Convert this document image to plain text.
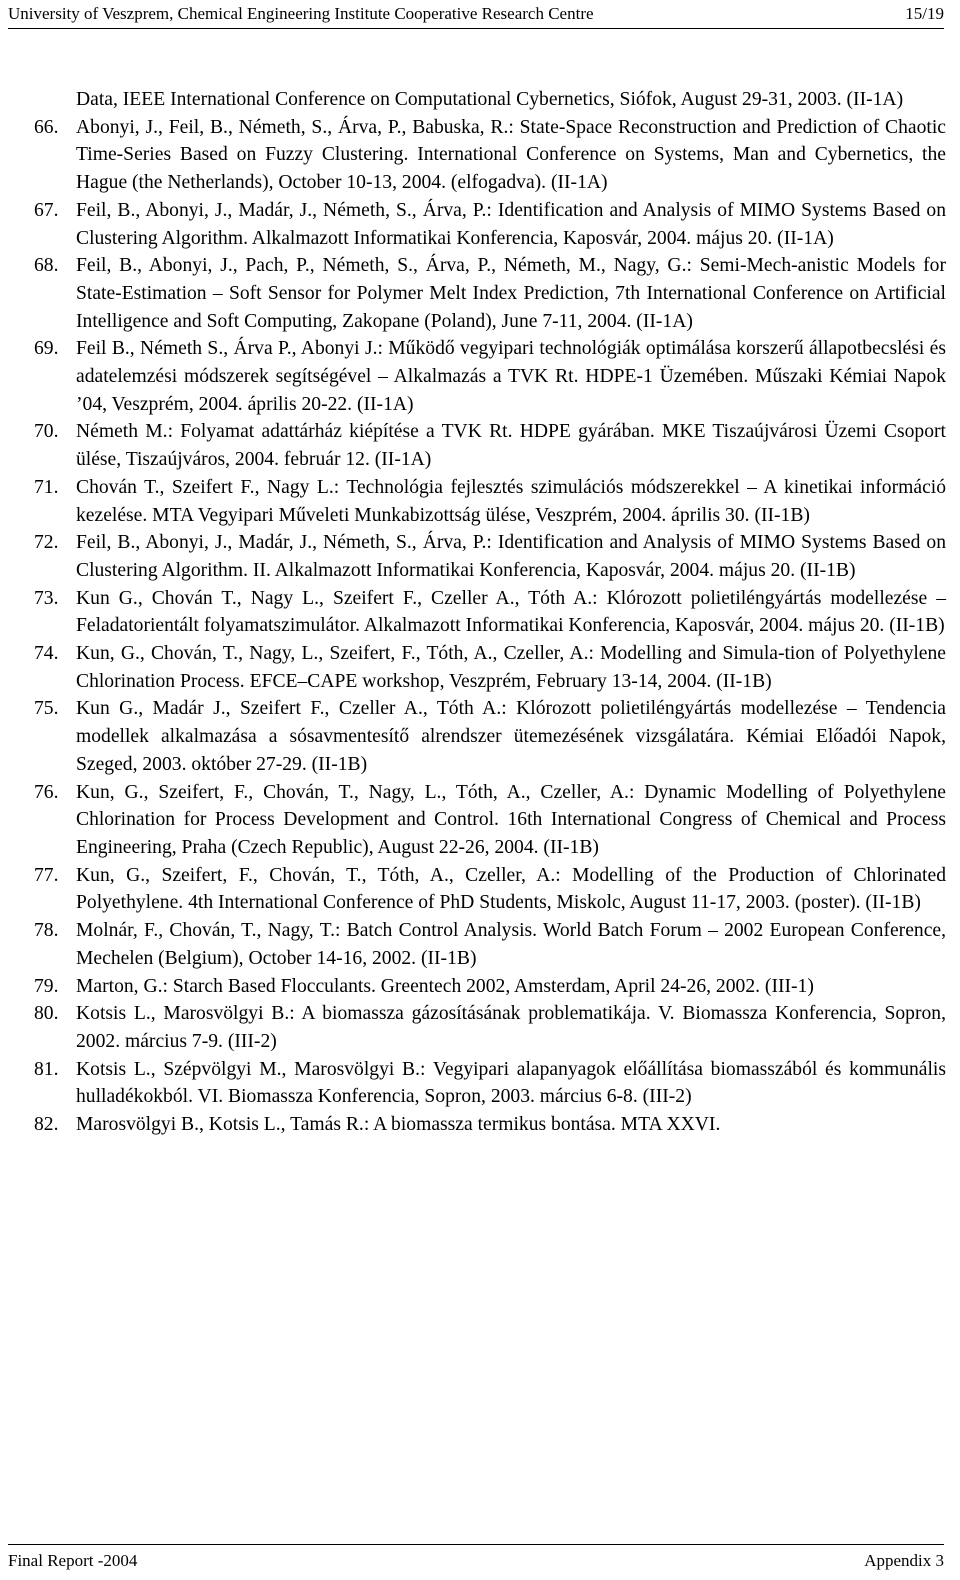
University of Veszprem, Chemical Engineering Institute Cooperative Research Centre	15/19
Data, IEEE International Conference on Computational Cybernetics, Siófok, August 29-31, 2003. (II-1A)
66. Abonyi, J., Feil, B., Németh, S., Árva, P., Babuska, R.: State-Space Reconstruction and Prediction of Chaotic Time-Series Based on Fuzzy Clustering. International Conference on Systems, Man and Cybernetics, the Hague (the Netherlands), October 10-13, 2004. (elfogadva). (II-1A)
67. Feil, B., Abonyi, J., Madár, J., Németh, S., Árva, P.: Identification and Analysis of MIMO Systems Based on Clustering Algorithm. Alkalmazott Informatikai Konferencia, Kaposvár, 2004. május 20. (II-1A)
68. Feil, B., Abonyi, J., Pach, P., Németh, S., Árva, P., Németh, M., Nagy, G.: Semi-Mech-anistic Models for State-Estimation – Soft Sensor for Polymer Melt Index Prediction, 7th International Conference on Artificial Intelligence and Soft Computing, Zakopane (Poland), June 7-11, 2004. (II-1A)
69. Feil B., Németh S., Árva P., Abonyi J.: Működő vegyipari technológiák optimálása korszerű állapotbecslési és adatelemzési módszerek segítségével – Alkalmazás a TVK Rt. HDPE-1 Üzemében. Műszaki Kémiai Napok ’04, Veszprém, 2004. április 20-22. (II-1A)
70. Németh M.: Folyamat adattárház kiépítése a TVK Rt. HDPE gyárában. MKE Tiszaújvárosi Üzemi Csoport ülése, Tiszaújváros, 2004. február 12. (II-1A)
71. Chován T., Szeifert F., Nagy L.: Technológia fejlesztés szimulációs módszerekkel – A kinetikai információ kezelése. MTA Vegyipari Műveleti Munkabizottság ülése, Veszprém, 2004. április 30. (II-1B)
72. Feil, B., Abonyi, J., Madár, J., Németh, S., Árva, P.: Identification and Analysis of MIMO Systems Based on Clustering Algorithm. II. Alkalmazott Informatikai Konferencia, Kaposvár, 2004. május 20. (II-1B)
73. Kun G., Chován T., Nagy L., Szeifert F., Czeller A., Tóth A.: Klórozott polietiléngyártás modellezése – Feladatorientált folyamatszimulátor. Alkalmazott Informatikai Konferencia, Kaposvár, 2004. május 20. (II-1B)
74. Kun, G., Chován, T., Nagy, L., Szeifert, F., Tóth, A., Czeller, A.: Modelling and Simula-tion of Polyethylene Chlorination Process. EFCE–CAPE workshop, Veszprém, February 13-14, 2004. (II-1B)
75. Kun G., Madár J., Szeifert F., Czeller A., Tóth A.: Klórozott polietiléngyártás modellezése – Tendencia modellek alkalmazása a sósavmentesítő alrendszer ütemezésének vizsgálatára. Kémiai Előadói Napok, Szeged, 2003. október 27-29. (II-1B)
76. Kun, G., Szeifert, F., Chován, T., Nagy, L., Tóth, A., Czeller, A.: Dynamic Modelling of Polyethylene Chlorination for Process Development and Control. 16th International Congress of Chemical and Process Engineering, Praha (Czech Republic), August 22-26, 2004. (II-1B)
77. Kun, G., Szeifert, F., Chován, T., Tóth, A., Czeller, A.: Modelling of the Production of Chlorinated Polyethylene. 4th International Conference of PhD Students, Miskolc, August 11-17, 2003. (poster). (II-1B)
78. Molnár, F., Chován, T., Nagy, T.: Batch Control Analysis. World Batch Forum – 2002 European Conference, Mechelen (Belgium), October 14-16, 2002. (II-1B)
79. Marton, G.: Starch Based Flocculants. Greentech 2002, Amsterdam, April 24-26, 2002. (III-1)
80. Kotsis L., Marosvölgyi B.: A biomassza gázosításának problematikája. V. Biomassza Konferencia, Sopron, 2002. március 7-9. (III-2)
81. Kotsis L., Szépvölgyi M., Marosvölgyi B.: Vegyipari alapanyagok előállítása biomasszából és kommunális hulladékokból. VI. Biomassza Konferencia, Sopron, 2003. március 6-8. (III-2)
82. Marosvölgyi B., Kotsis L., Tamás R.: A biomassza termikus bontása. MTA XXVI.
Final Report -2004	Appendix 3
